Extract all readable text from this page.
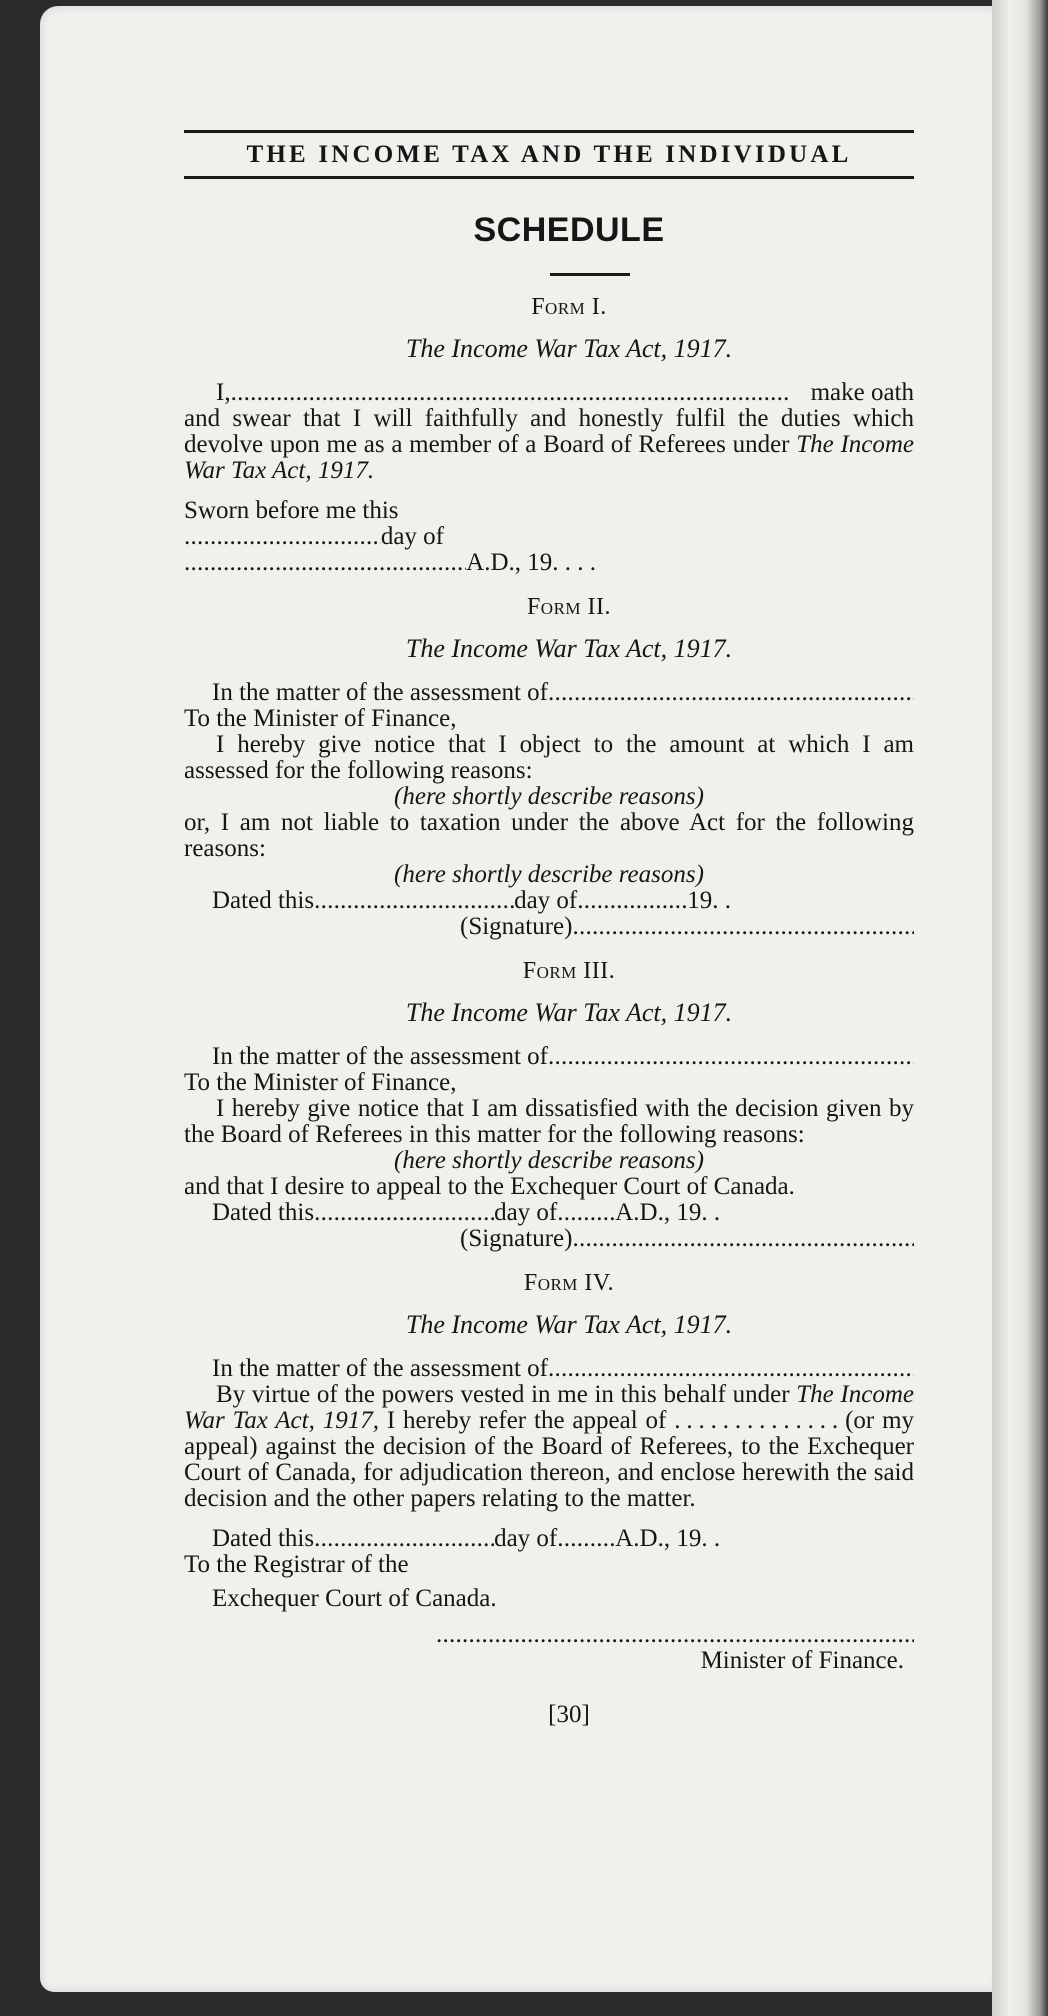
THE INCOME TAX AND THE INDIVIDUAL
SCHEDULE
Form I.
The Income War Tax Act, 1917.
I, . . .	make oath

and swear that I will faithfully and honestly fulfil the duties which devolve upon me as a member of a Board of Referees under The Income War Tax Act, 1917.

Sworn before me this
. . .
day of
. . .
A.D., 19. . . .
Form II.
The Income War Tax Act, 1917.
In the matter of the assessment of
. . .
To the Minister of Finance,

I hereby give notice that I object to the amount at which I am assessed for the following reasons:

(here shortly describe reasons)

or, I am not liable to taxation under the above Act for the following reasons:

(here shortly describe reasons)
Dated this . . .	day of . . .	19. .
(Signature)
. . .
Form III.
The Income War Tax Act, 1917.
In the matter of the assessment of
. . .
To the Minister of Finance,

I hereby give notice that I am dissatisfied with the decision given by the Board of Referees in this matter for the following reasons:

(here shortly describe reasons)

and that I desire to appeal to the Exchequer Court of Canada.

Dated this . . .	day of . . . A.D., 19. .
(Signature)
. . .
Form IV.
The Income War Tax Act, 1917.
In the matter of the assessment of
. . .

By virtue of the powers vested in me in this behalf under The Income War Tax Act, 1917, I hereby refer the appeal of . . . . . . . . . . . . . . (or my appeal) against the decision of the Board of Referees, to the Exchequer Court of Canada, for adjudication thereon, and enclose herewith the said decision and the other papers relating to the matter.

Dated this . . .	day of . . . A.D., 19. .
To the Registrar of the
Exchequer Court of Canada.
. . .
Minister of Finance.
[30]
